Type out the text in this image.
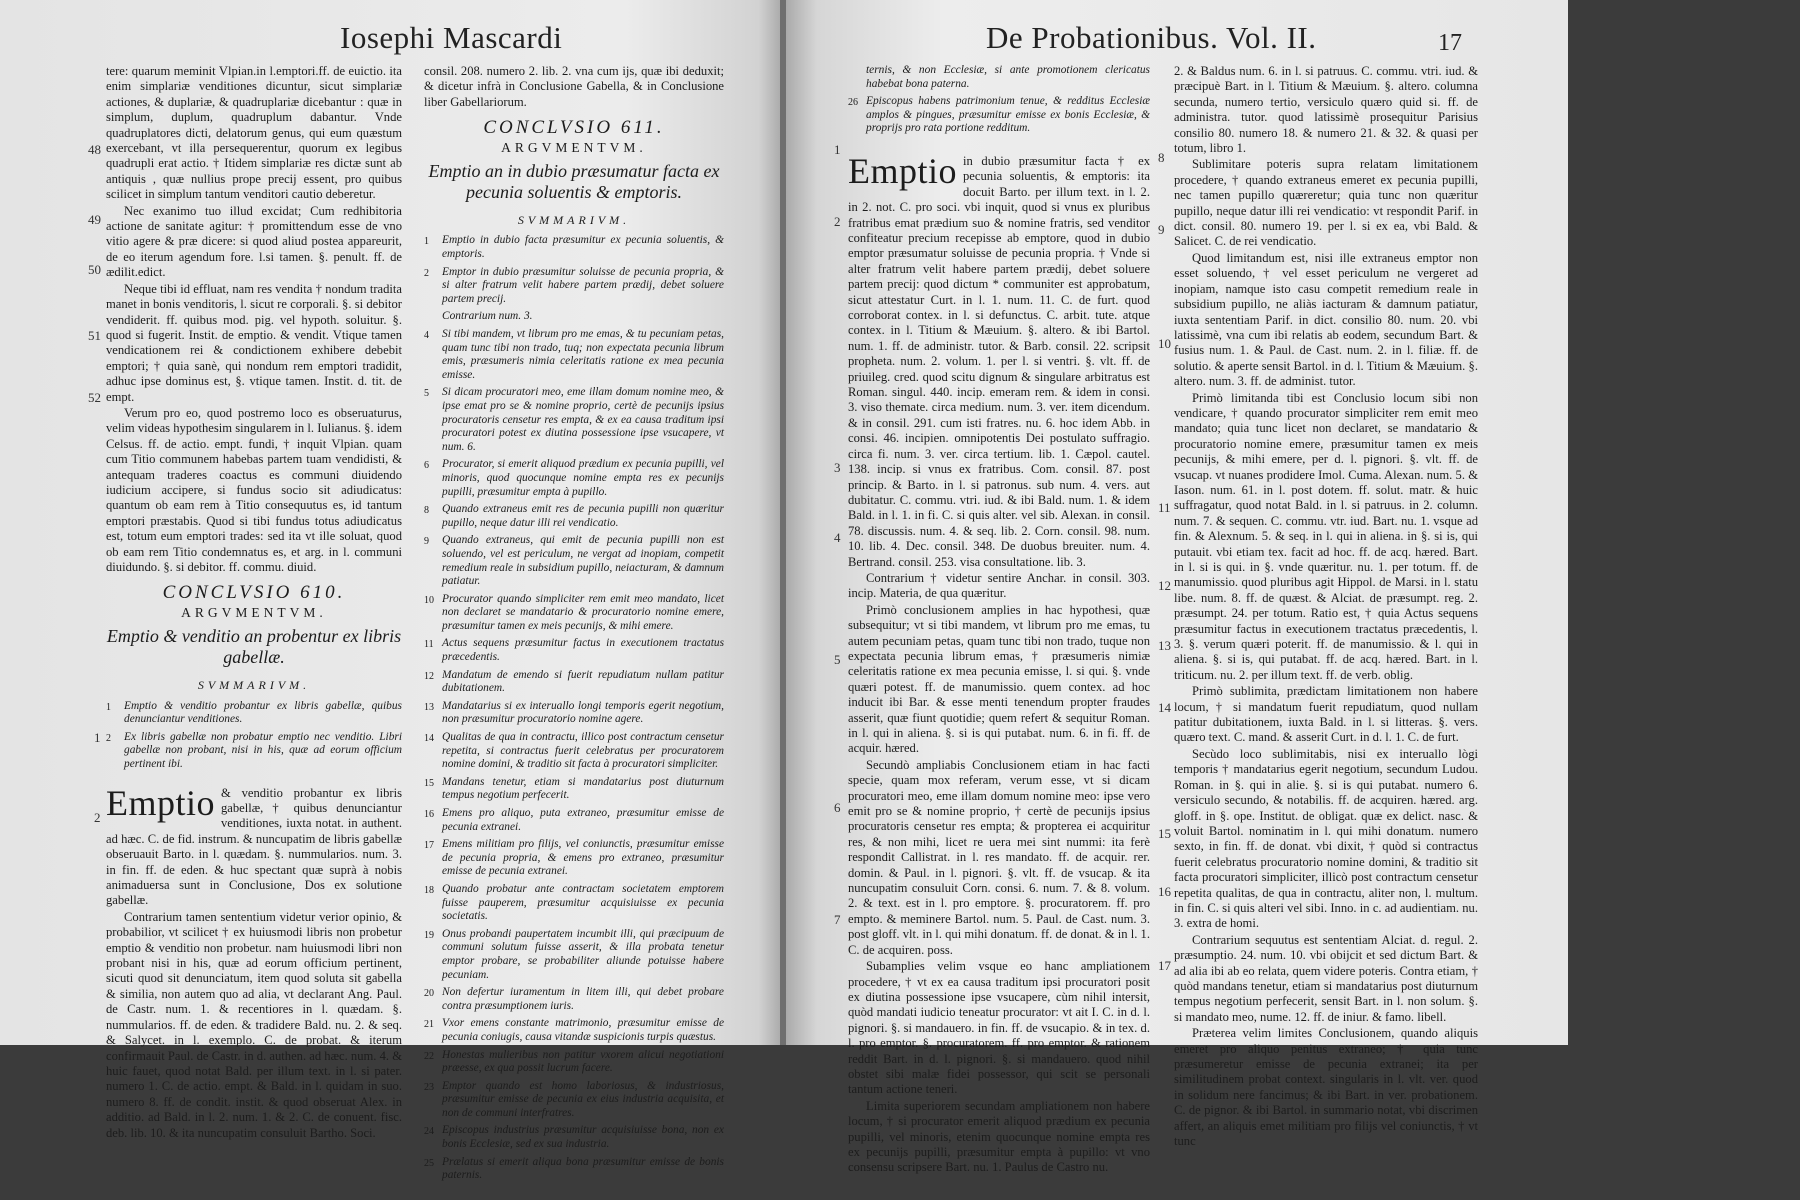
Iosephi Mascardi

tere: quarum meminit Vlpian.in l.emptori.ff. de euictio. ita enim simplariæ venditiones dicuntur, sicut simplariæ actiones, & duplariæ, & quadruplariæ dicebantur : quæ in simplum, duplum, quadruplum dabantur. Vnde quadruplatores dicti, delatorum genus, qui eum quæstum exercebant, vt illa persequerentur, quorum ex legibus quadrupli erat actio. † Itidem simplariæ res dictæ sunt ab antiquis , quæ nullius prope precij essent, pro quibus scilicet in simplum tantum venditori cautio deberetur.

Nec exanimo tuo illud excidat; Cum redhibitoria actione de sanitate agitur: † promittendum esse de vno vitio agere & præ dicere: si quod aliud postea appareurit, de eo iterum agendum fore. l.si tamen. §. penult. ff. de ædilit.edict.

Neque tibi id effluat, nam res vendita † nondum tradita manet in bonis venditoris, l. sicut re corporali. §. si debitor vendiderit. ff. quibus mod. pig. vel hypoth. soluitur. §. quod si fugerit. Instit. de emptio. & vendit. Vtique tamen vendicationem rei & condictionem exhibere debebit emptori; † quia sanè, qui nondum rem emptori tradidit, adhuc ipse dominus est, §. vtique tamen. Instit. d. tit. de empt.

Verum pro eo, quod postremo loco es obseruaturus, velim videas hypothesim singularem in l. Iulianus. §. idem Celsus. ff. de actio. empt. fundi, † inquit Vlpian. quam cum Titio communem habebas partem tuam vendidisti, & antequam traderes coactus es communi diuidendo iudicium accipere, si fundus socio sit adiudicatus: quantum ob eam rem à Titio consequutus es, id tantum emptori præstabis. Quod si tibi fundus totus adiudicatus est, totum eum emptori trades: sed ita vt ille soluat, quod ob eam rem Titio condemnatus es, et arg. in l. communi diuidundo. §. si debitor. ff. commu. diuid.

CONCLVSIO 610.
ARGVMENTVM.
Emptio & venditio an probentur ex libris gabellæ.
SVMMARIVM.
1	Emptio & venditio probantur ex libris gabellæ, quibus denunciantur venditiones.
2	Ex libris gabellæ non probatur emptio nec venditio. Libri gabellæ non probant, nisi in his, quæ ad eorum officium pertinent ibi.

Emptio & venditio probantur ex libris gabellæ, † quibus denunciantur venditiones, iuxta notat. in authent. ad hæc. C. de fid. instrum. & nuncupatim de libris gabellæ obseruauit Barto. in l. quædam. §. nummularios. num. 3. in fin. ff. de eden. & huc spectant quæ suprà à nobis animaduersa sunt in Conclusione, Dos ex solutione gabellæ.

Contrarium tamen sententium videtur verior opinio, & probabilior, vt scilicet † ex huiusmodi libris non probetur emptio & venditio non probetur. nam huiusmodi libri non probant nisi in his, quæ ad eorum officium pertinent, sicuti quod sit denunciatum, item quod soluta sit gabella & similia, non autem quo ad alia, vt declarant Ang. Paul. de Castr. num. 1. & recentiores in l. quædam. §. nummularios. ff. de eden. & tradidere Bald. nu. 2. & seq. & Salycet. in l. exemplo. C. de probat. & iterum confirmauit Paul. de Castr. in d. authen. ad hæc. num. 4. & huic fauet, quod notat Bald. per illum text. in l. si pater. numero 1. C. de actio. empt. & Bald. in l. quidam in suo. numero 8. ff. de condit. instit. & quod obseruat Alex. in additio. ad Bald. in l. 2. num. 1. & 2. C. de conuent. fisc. deb. lib. 10. & ita nuncupatim consuluit Bartho. Soci.

48
49
50
51
52
1
2

consil. 208. numero 2. lib. 2. vna cum ijs, quæ ibi deduxit; & dicetur infrà in Conclusione Gabella, & in Conclusione liber Gabellariorum.

CONCLVSIO 611.
ARGVMENTVM.
Emptio an in dubio præsumatur facta ex pecunia soluentis & emptoris.
SVMMARIVM.
1	Emptio in dubio facta præsumitur ex pecunia soluentis, & emptoris.
2	Emptor in dubio præsumitur soluisse de pecunia propria, & si alter fratrum velit habere partem prædij, debet soluere partem precij.
Contrarium num. 3.
4	Si tibi mandem, vt librum pro me emas, & tu pecuniam petas, quam tunc tibi non trado, tuq; non expectata pecunia librum emis, præsumeris nimia celeritatis ratione ex mea pecunia emisse.
5	Si dicam procuratori meo, eme illam domum nomine meo, & ipse emat pro se & nomine proprio, certè de pecunijs ipsius procuratoris censetur res empta, & ex ea causa traditum ipsi procuratori potest ex diutina possessione ipse vsucapere, vt num. 6.
6	Procurator, si emerit aliquod prædium ex pecunia pupilli, vel minoris, quod quocunque nomine empta res ex pecunijs pupilli, præsumitur empta à pupillo.
8	Quando extraneus emit res de pecunia pupilli non quæritur pupillo, neque datur illi rei vendicatio.
9	Quando extraneus, qui emit de pecunia pupilli non est soluendo, vel est periculum, ne vergat ad inopiam, competit remedium reale in subsidium pupillo, neiacturam, & damnum patiatur.
10 Procurator quando simpliciter rem emit meo mandato, licet non declaret se mandatario & procuratorio nomine emere, præsumitur tamen ex meis pecunijs, & mihi emere.
11 Actus sequens præsumitur factus in executionem tractatus præcedentis.
12 Mandatum de emendo si fuerit repudiatum nullam patitur dubitationem.
13 Mandatarius si ex interuallo longi temporis egerit negotium, non præsumitur procuratorio nomine agere.
14 Qualitas de qua in contractu, illico post contractum censetur repetita, si contractus fuerit celebratus per procuratorem nomine domini, & traditio sit facta à procuratori simpliciter.
15 Mandans tenetur, etiam si mandatarius post diuturnum tempus negotium perfecerit.
16 Emens pro aliquo, puta extraneo, præsumitur emisse de pecunia extranei.
17 Emens militiam pro filijs, vel coniunctis, præsumitur emisse de pecunia propria, & emens pro extraneo, præsumitur emisse de pecunia extranei.
18 Quando probatur ante contractam societatem emptorem fuisse pauperem, præsumitur acquisiuisse ex pecunia societatis.
19 Onus probandi paupertatem incumbit illi, qui præcipuum de communi solutum fuisse asserit, & illa probata tenetur emptor probare, se probabiliter aliunde potuisse habere pecuniam.
20 Non defertur iuramentum in litem illi, qui debet probare contra præsumptionem iuris.
21 Vxor emens constante matrimonio, præsumitur emisse de pecunia coniugis, causa vitandæ suspicionis turpis quæstus.
22 Honestas mulieribus non patitur vxorem alicui negotiationi præesse, ex qua possit lucrum facere.
23 Emptor quando est homo laboriosus, & industriosus, præsumitur emisse de pecunia ex eius industria acquisita, et non de communi interfratres.
24 Episcopus industrius præsumitur acquisiuisse bona, non ex bonis Ecclesiæ, sed ex sua industria.
25 Prælatus si emerit aliqua bona præsumitur emisse de bonis paternis.
De Probationibus. Vol. II.	17
ternis, & non Ecclesiæ, si ante promotionem clericatus habebat bona paterna.
26 Episcopus habens patrimonium tenue, & redditus Ecclesiæ amplos & pingues, præsumitur emisse ex bonis Ecclesiæ, & proprijs pro rata portione redditum.

Emptio in dubio præsumitur facta † ex pecunia soluentis, & emptoris: ita docuit Barto. per illum text. in l. 2. in 2. not. C. pro soci. vbi inquit, quod si vnus ex pluribus fratribus emat prædium suo & nomine fratris, sed venditor confiteatur precium recepisse ab emptore, quod in dubio emptor præsumatur soluisse de pecunia propria. † Vnde si alter fratrum velit habere partem prædij, debet soluere partem precij: quod dictum * communiter est approbatum, sicut attestatur Curt. in l. 1. num. 11. C. de furt. quod corroborat contex. in l. si defunctus. C. arbit. tute. atque contex. in l. Titium & Mæuium. §. altero. & ibi Bartol. num. 1. ff. de administr. tutor. & Barb. consil. 22. scripsit propheta. num. 2. volum. 1. per l. si ventri. §. vlt. ff. de priuileg. cred. quod scitu dignum & singulare arbitratus est Roman. singul. 440. incip. emeram rem. & idem in consi. 3. viso themate. circa medium. num. 3. ver. item dicendum. & in consil. 291. cum isti fratres. nu. 6. hoc idem Abb. in consi. 46. incipien. omnipotentis Dei postulato suffragio. circa fi. num. 3. ver. circa tertium. lib. 1. Cæpol. cautel. 138. incip. si vnus ex fratribus. Com. consil. 87. post princip. & Barto. in l. si patronus. sub num. 4. vers. aut dubitatur. C. commu. vtri. iud. & ibi Bald. num. 1. & idem Bald. in l. 1. in fi. C. si quis alter. vel sib. Alexan. in consil. 78. discussis. num. 4. & seq. lib. 2. Corn. consil. 98. num. 10. lib. 4. Dec. consil. 348. De duobus breuiter. num. 4. Bertrand. consil. 253. visa consultatione. lib. 3.

Contrarium † videtur sentire Anchar. in consil. 303. incip. Materia, de qua quæritur.

Primò conclusionem amplies in hac hypothesi, quæ subsequitur; vt si tibi mandem, vt librum pro me emas, tu autem pecuniam petas, quam tunc tibi non trado, tuque non expectata pecunia librum emas, † præsumeris nimiæ celeritatis ratione ex mea pecunia emisse, l. si qui. §. vnde quæri potest. ff. de manumissio. quem contex. ad hoc inducit ibi Bar. & esse menti tenendum propter fraudes asserit, quæ fiunt quotidie; quem refert & sequitur Roman. in l. qui in aliena. §. si is qui putabat. num. 6. in fi. ff. de acquir. hæred.

Secundò ampliabis Conclusionem etiam in hac facti specie, quam mox referam, verum esse, vt si dicam procuratori meo, eme illam domum nomine meo: ipse vero emit pro se & nomine proprio, † certè de pecunijs ipsius procuratoris censetur res empta; & propterea ei acquiritur res, & non mihi, licet re uera mei sint nummi: ita ferè respondit Callistrat. in l. res mandato. ff. de acquir. rer. domin. & Paul. in l. pignori. §. vlt. ff. de vsucap. & ita nuncupatim consuluit Corn. consi. 6. num. 7. & 8. volum. 2. & text. est in l. pro emptore. §. procuratorem. ff. pro empto. & meminere Bartol. num. 5. Paul. de Cast. num. 3. post gloff. vlt. in l. qui mihi donatum. ff. de donat. & in l. 1. C. de acquiren. poss.

Subamplies velim vsque eo hanc ampliationem procedere, † vt ex ea causa traditum ipsi procuratori posit ex diutina possessione ipse vsucapere, cùm nihil intersit, quòd mandati iudicio teneatur procurator: vt ait I. C. in d. l. pignori. §. si mandauero. in fin. ff. de vsucapio. & in tex. d. l. pro emptor. §. procuratorem. ff. pro emptor. & rationem reddit Bart. in d. l. pignori. §. si mandauero. quod nihil obstet sibi malæ fidei possessor, qui scit se personali tantum actione teneri.

Limita superiorem secundam ampliationem non habere locum, † si procurator emerit aliquod prædium ex pecunia pupilli, vel minoris, etenim quocunque nomine empta res ex pecunijs pupilli, præsumitur empta à pupillo: vt vno consensu scripsere Bart. nu. 1. Paulus de Castro nu.

1
2
3
4
5
6
7

2. & Baldus num. 6. in l. si patruus. C. commu. vtri. iud. & præcipuè Bart. in l. Titium & Mæuium. §. altero. columna secunda, numero tertio, versiculo quæro quid si. ff. de administra. tutor. quod latissimè prosequitur Parisius consilio 80. numero 18. & numero 21. & 32. & quasi per totum, libro 1.

Sublimitare poteris supra relatam limitationem procedere, † quando extraneus emeret ex pecunia pupilli, nec tamen pupillo quæreretur; quia tunc non quæritur pupillo, neque datur illi rei vendicatio: vt respondit Parif. in dict. consil. 80. numero 19. per l. si ex ea, vbi Bald. & Salicet. C. de rei vendicatio.

Quod limitandum est, nisi ille extraneus emptor non esset soluendo, † vel esset periculum ne vergeret ad inopiam, namque isto casu competit remedium reale in subsidium pupillo, ne aliàs iacturam & damnum patiatur, iuxta sententiam Parif. in dict. consilio 80. num. 20. vbi latissimè, vna cum ibi relatis ab eodem, secundum Bart. & fusius num. 1. & Paul. de Cast. num. 2. in l. filiæ. ff. de solutio. & aperte sensit Bartol. in d. l. Titium & Mæuium. §. altero. num. 3. ff. de administ. tutor.

Primò limitanda tibi est Conclusio locum sibi non vendicare, † quando procurator simpliciter rem emit meo mandato; quia tunc licet non declaret, se mandatario & procuratorio nomine emere, præsumitur tamen ex meis pecunijs, & mihi emere, per d. l. pignori. §. vlt. ff. de vsucap. vt nuanes prodidere Imol. Cuma. Alexan. num. 5. & Iason. num. 61. in l. post dotem. ff. solut. matr. & huic suffragatur, quod notat Bald. in l. si patruus. in 2. column. num. 7. & sequen. C. commu. vtr. iud. Bart. nu. 1. vsque ad fin. & Alexnum. 5. & seq. in l. qui in aliena. in §. si is, qui putauit. vbi etiam tex. facit ad hoc. ff. de acq. hæred. Bart. in l. si is qui. in §. vnde quæritur. nu. 1. per totum. ff. de manumissio. quod pluribus agit Hippol. de Marsi. in l. statu libe. num. 8. ff. de quæst. & Alciat. de præsumpt. reg. 2. præsumpt. 24. per totum. Ratio est, † quia Actus sequens præsumitur factus in executionem tractatus præcedentis, l. 3. §. verum quæri poterit. ff. de manumissio. & l. qui in aliena. §. si is, qui putabat. ff. de acq. hæred. Bart. in l. triticum. nu. 2. per illum text. ff. de verb. oblig.

Primò sublimita, prædictam limitationem non habere locum, † si mandatum fuerit repudiatum, quod nullam patitur dubitationem, iuxta Bald. in l. si litteras. §. vers. quæro text. C. mand. & asserit Curt. in d. l. 1. C. de furt.

Secùdo loco sublimitabis, nisi ex interuallo lògi temporis † mandatarius egerit negotium, secundum Ludou. Roman. in §. qui in alie. §. si is qui putabat. numero 6. versiculo secundo, & notabilis. ff. de acquiren. hæred. arg. gloff. in §. ope. Institut. de obligat. quæ ex delict. nasc. & voluit Bartol. nominatim in l. qui mihi donatum. numero sexto, in fin. ff. de donat. vbi dixit, † quòd si contractus fuerit celebratus procuratorio nomine domini, & traditio sit facta procuratori simpliciter, illicò post contractum censetur repetita qualitas, de qua in contractu, aliter non, l. multum. in fin. C. si quis alteri vel sibi. Inno. in c. ad audientiam. nu. 3. extra de homi.

Contrarium sequutus est sententiam Alciat. d. regul. 2. præsumptio. 24. num. 10. vbi obijcit et sed dictum Bart. & ad alia ibi ab eo relata, quem videre poteris. Contra etiam, † quòd mandans tenetur, etiam si mandatarius post diuturnum tempus negotium perfecerit, sensit Bart. in l. non solum. §. si mandato meo, nume. 12. ff. de iniur. & famo. libell.

Præterea velim limites Conclusionem, quando aliquis emeret pro aliquo penitus extraneo; † quia tunc præsumeretur emisse de pecunia extranei; ita per similitudinem probat context. singularis in l. vlt. ver. quod in solidum nere fancimus; & ibi Bart. in ver. probationem. C. de pignor. & ibi Bartol. in summario notat, vbi discrimen affert, an aliquis emet militiam pro filijs vel coniunctis, † vt tunc

8
9
10
11
12
13
14
15
16
17
